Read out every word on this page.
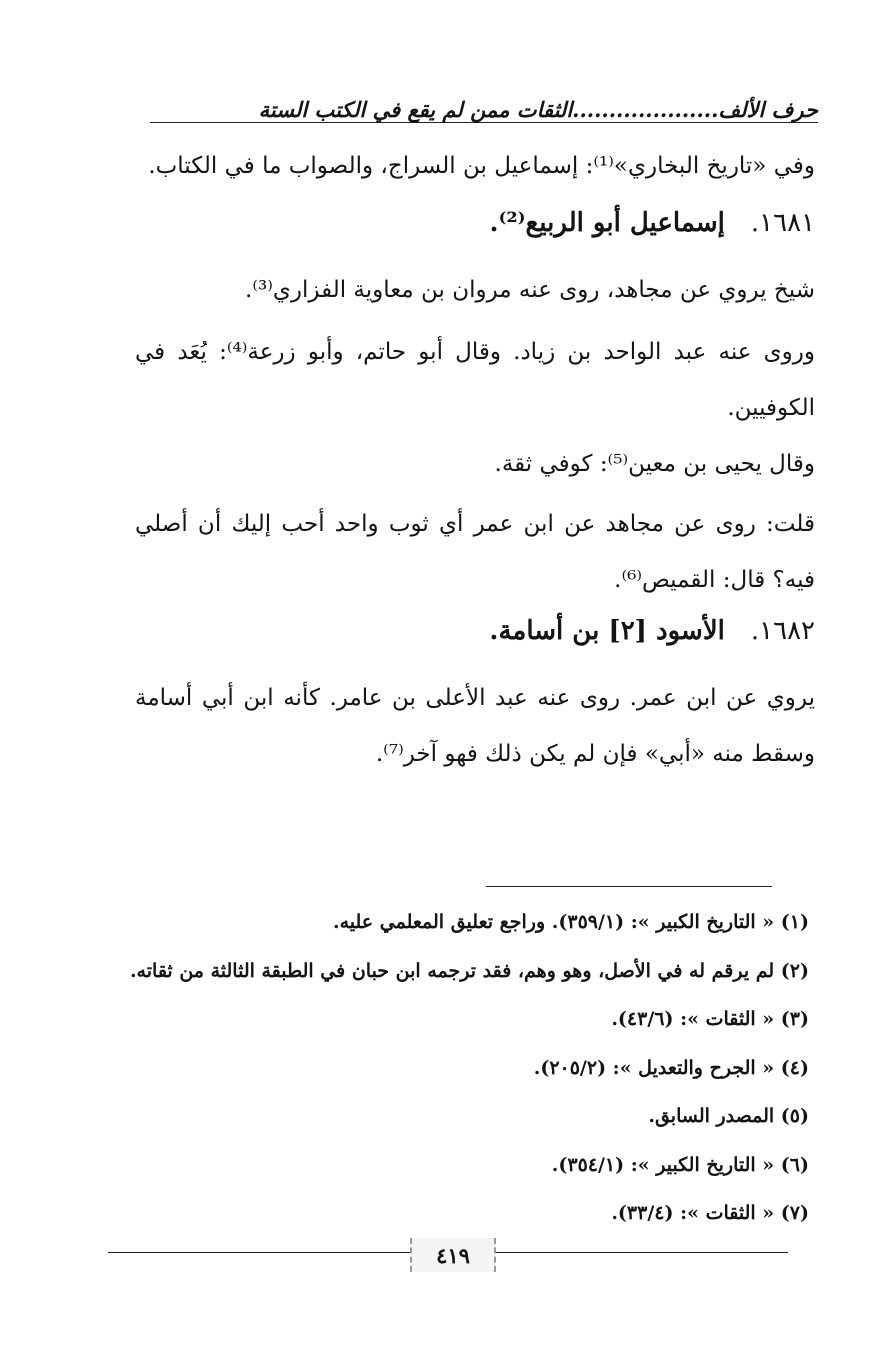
حرف الألف....................الثقات ممن لم يقع في الكتب الستة
وفي «تاريخ البخاري»⁽¹⁾: إسماعيل بن السراج، والصواب ما في الكتاب.
١٦٨١.إسماعيل أبو الربيع⁽²⁾.
شيخ يروي عن مجاهد، روى عنه مروان بن معاوية الفزاري⁽³⁾.
وروى عنه عبد الواحد بن زياد. وقال أبو حاتم، وأبو زرعة⁽⁴⁾: يُعَد في الكوفيين.
وقال يحيى بن معين⁽⁵⁾: كوفي ثقة.
قلت: روى عن مجاهد عن ابن عمر أي ثوب واحد أحب إليك أن أصلي فيه؟ قال: القميص⁽⁶⁾.
١٦٨٢.الأسود [٢] بن أسامة.
يروي عن ابن عمر. روى عنه عبد الأعلى بن عامر. كأنه ابن أبي أسامة وسقط منه «أبي» فإن لم يكن ذلك فهو آخر⁽⁷⁾.
(١) « التاريخ الكبير »: (٣٥٩/١). وراجع تعليق المعلمي عليه.
(٢) لم يرقم له في الأصل، وهو وهم، فقد ترجمه ابن حبان في الطبقة الثالثة من ثقاته.
(٣) « الثقات »: (٤٣/٦).
(٤) « الجرح والتعديل »: (٢٠٥/٢).
(٥) المصدر السابق.
(٦) « التاريخ الكبير »: (٣٥٤/١).
(٧) « الثقات »: (٣٣/٤).
٤١٩
